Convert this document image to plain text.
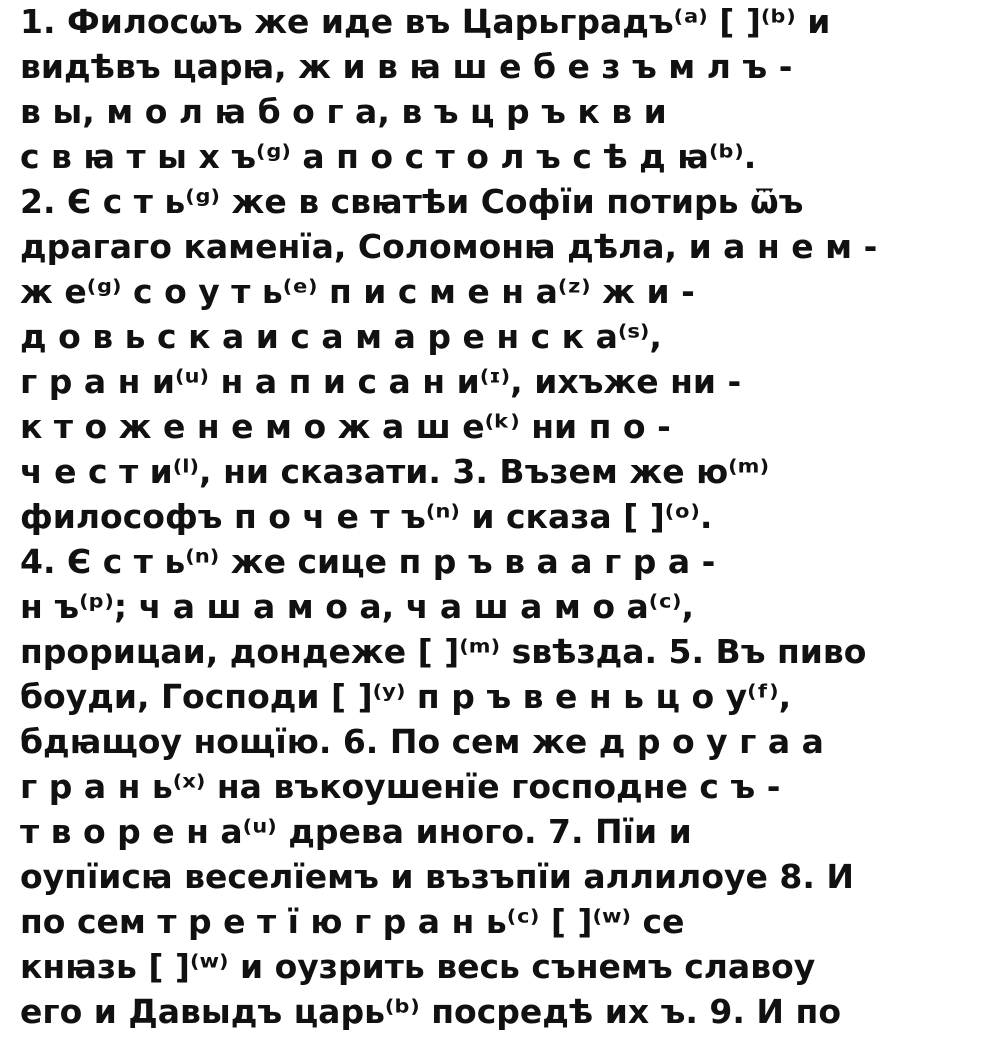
1. Филосѡъ же иде въ Царьградъ⁽ᵃ⁾ [ ]⁽ᵇ⁾ и
видѣвъ царꙗ, ж и в ꙗ ш е б е з ъ м л ъ -
в ы, м о л ꙗ б о г а, в ъ ц р ъ к в и
с в ꙗ т ы х ъ⁽ᵍ⁾ а п о с т о л ъ с ѣ д ꙗ⁽ᵇ⁾.
2. Є с т ь⁽ᵍ⁾ же в свꙗтѣи Софїи потирь ѿъ
драгаго каменїа, Соломонꙗ дѣла, и а н е м -
ж е⁽ᵍ⁾ с о у т ь⁽ᵉ⁾ п и с м е н а⁽ᶻ⁾ ж и -
д о в ь с к а и с а м а р е н с к а⁽ˢ⁾,
г р а н и⁽ᵘ⁾ н а п и с а н и⁽ᶦ⁾, ихъже ни -
к т о ж е н е м о ж а ш е⁽ᵏ⁾ ни п о -
ч е с т и⁽ˡ⁾, ни сказати. 3. Възем же ю⁽ᵐ⁾
философъ п о ч е т ъ⁽ⁿ⁾ и сказа [ ]⁽ᵒ⁾.
4. Є с т ь⁽ⁿ⁾ же сице п р ъ в а а г р а -
н ъ⁽ᵖ⁾; ч а ш а м о а, ч а ш а м о а⁽ᶜ⁾,
прорицаи, дондеже [ ]⁽ᵐ⁾ sвѣзда. 5. Въ пиво
боуди, Господи [ ]⁽ʸ⁾ п р ъ в е н ь ц о у⁽ᶠ⁾,
бдꙗщоу нощїю. 6. По сем же д р о у г а а
г р а н ь⁽ˣ⁾ на въкоушенїе господне с ъ -
т в о р е н а⁽ᵘ⁾ древа иного. 7. Пїи и
оупїисꙗ веселїемъ и възъпїи аллилоуе 8. И
по сем т р е т ї ю г р а н ь⁽ᶜ⁾ [ ]⁽ʷ⁾ се
кнꙗзь [ ]⁽ʷ⁾ и оузрить весь сънемъ славоу
его и Давыдъ царь⁽ᵇ⁾ посредѣ их ъ. 9. И по
